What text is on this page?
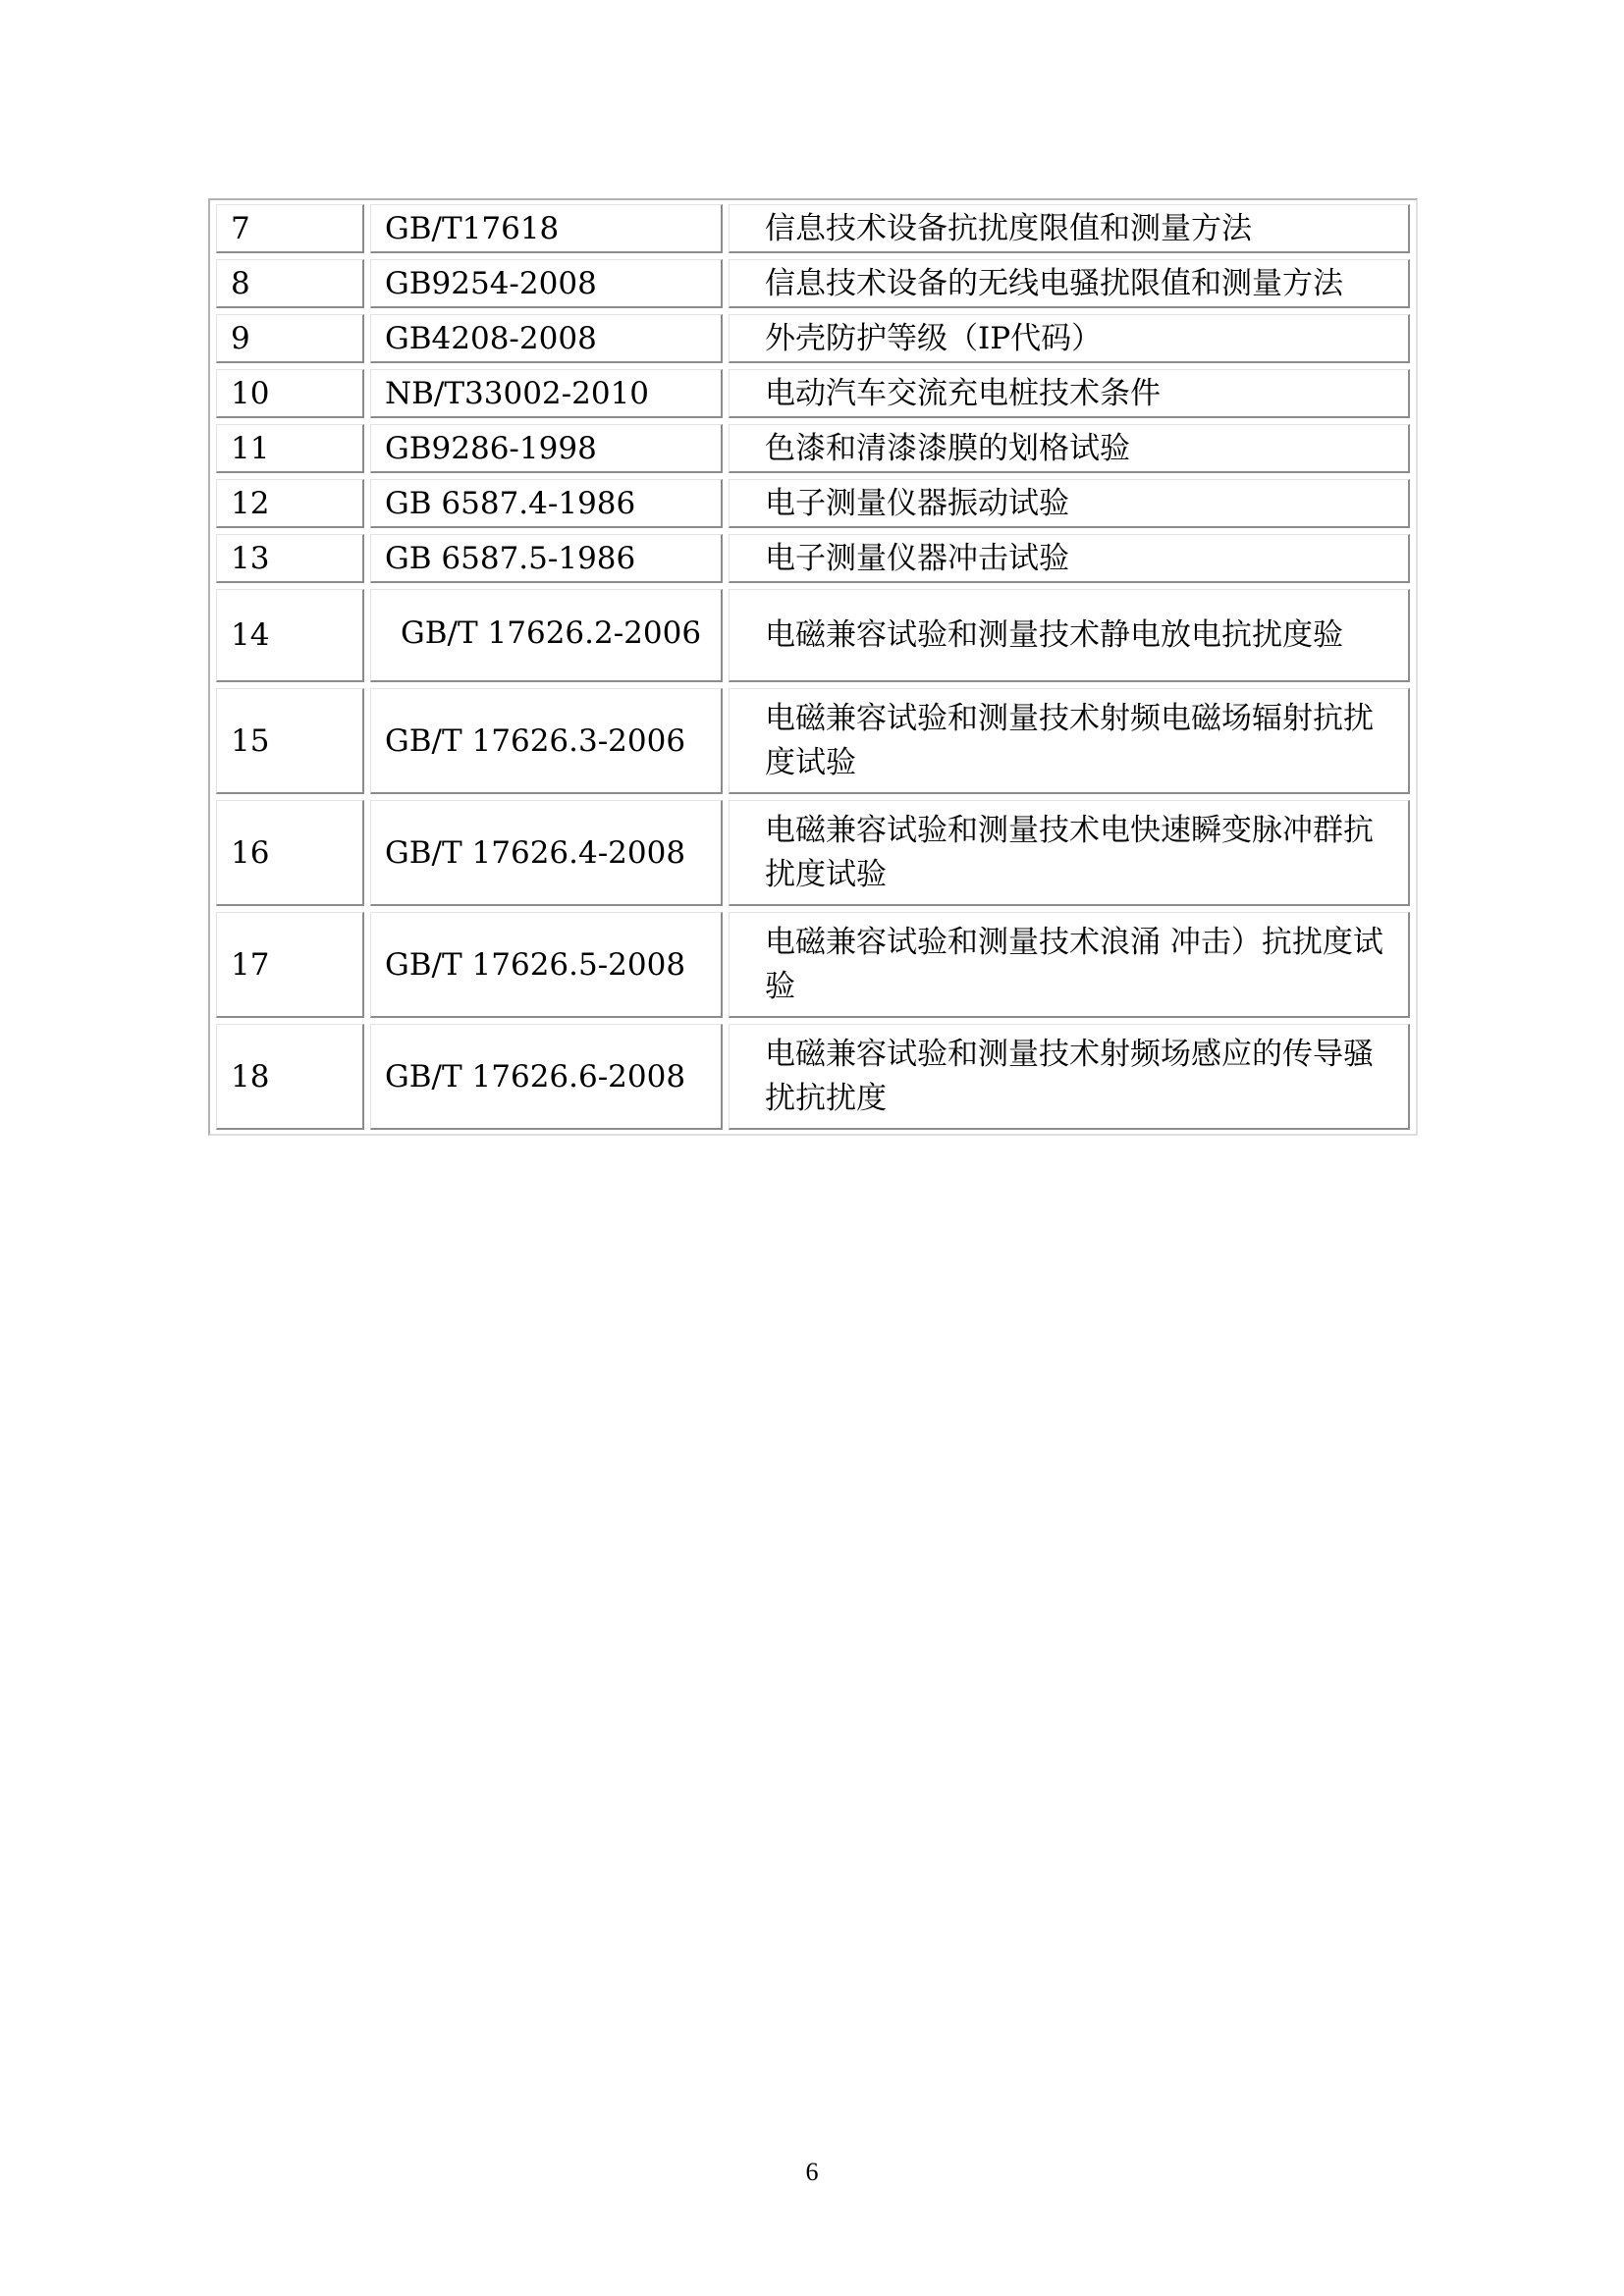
7	GB/T17618	信息技术设备抗扰度限值和测量方法
8	GB9254-2008	信息技术设备的无线电骚扰限值和测量方法
9	GB4208-2008	外壳防护等级（IP代码）
10	NB/T33002-2010	电动汽车交流充电桩技术条件
11	GB9286-1998	色漆和清漆漆膜的划格试验
12	GB 6587.4-1986	电子测量仪器振动试验
13	GB 6587.5-1986	电子测量仪器冲击试验
14	GB/T 17626.2-2006	电磁兼容试验和测量技术静电放电抗扰度验
15	GB/T 17626.3-2006	电磁兼容试验和测量技术射频电磁场辐射抗扰度试验
16	GB/T 17626.4-2008	电磁兼容试验和测量技术电快速瞬变脉冲群抗扰度试验
17	GB/T 17626.5-2008	电磁兼容试验和测量技术浪涌 冲击）抗扰度试验
18	GB/T 17626.6-2008	电磁兼容试验和测量技术射频场感应的传导骚扰抗扰度
6
